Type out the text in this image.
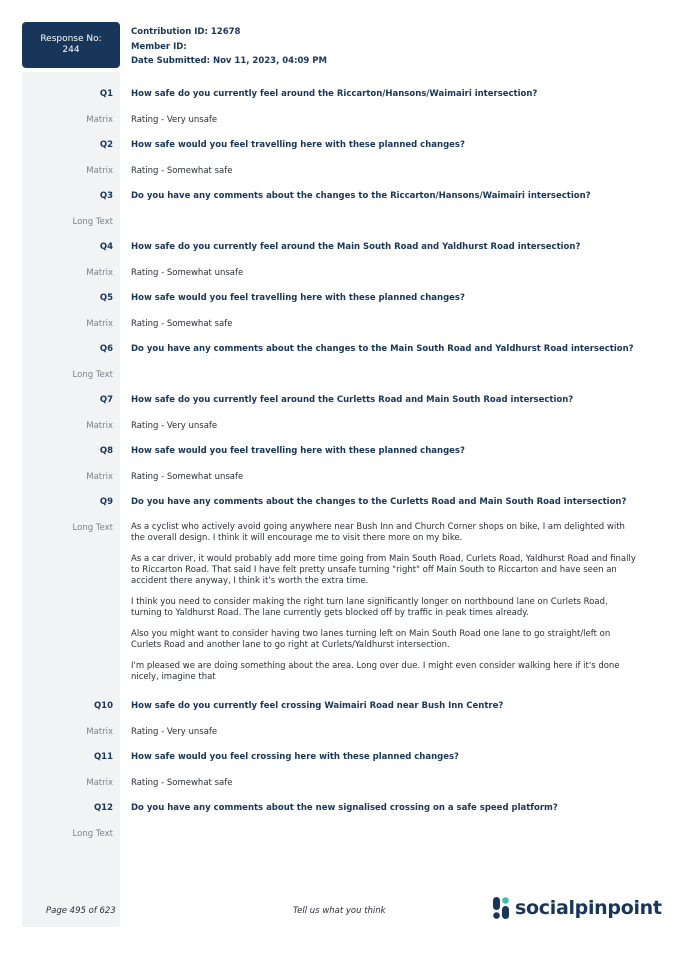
Response No:
244
Contribution ID: 12678
Member ID:
Date Submitted: Nov 11, 2023, 04:09 PM
Q1 How safe do you currently feel around the Riccarton/Hansons/Waimairi intersection?
Matrix Rating - Very unsafe
Q2 How safe would you feel travelling here with these planned changes?
Matrix Rating - Somewhat safe
Q3 Do you have any comments about the changes to the Riccarton/Hansons/Waimairi intersection?
Long Text
Q4 How safe do you currently feel around the Main South Road and Yaldhurst Road intersection?
Matrix Rating - Somewhat unsafe
Q5 How safe would you feel travelling here with these planned changes?
Matrix Rating - Somewhat safe
Q6 Do you have any comments about the changes to the Main South Road and Yaldhurst Road intersection?
Long Text
Q7 How safe do you currently feel around the Curletts Road and Main South Road intersection?
Matrix Rating - Very unsafe
Q8 How safe would you feel travelling here with these planned changes?
Matrix Rating - Somewhat unsafe
Q9 Do you have any comments about the changes to the Curletts Road and Main South Road intersection?
Long Text As a cyclist who actively avoid going anywhere near Bush Inn and Church Corner shops on bike, I am delighted with the overall design. I think it will encourage me to visit there more on my bike.

As a car driver, it would probably add more time going from Main South Road, Curlets Road, Yaldhurst Road and finally to Riccarton Road. That said I have felt pretty unsafe turning "right" off Main South to Riccarton and have seen an accident there anyway, I think it's worth the extra time.

I think you need to consider making the right turn lane significantly longer on northbound lane on Curlets Road, turning to Yaldhurst Road. The lane currently gets blocked off by traffic in peak times already.

Also you might want to consider having two lanes turning left on Main South Road one lane to go straight/left on Curlets Road and another lane to go right at Curlets/Yaldhurst intersection.

I'm pleased we are doing something about the area. Long over due. I might even consider walking here if it's done nicely, imagine that

Q10 How safe do you currently feel crossing Waimairi Road near Bush Inn Centre?
Matrix Rating - Very unsafe
Q11 How safe would you feel crossing here with these planned changes?
Matrix Rating - Somewhat safe
Q12 Do you have any comments about the new signalised crossing on a safe speed platform?
Long Text
Page 495 of 623	Tell us what you think	socialpinpoint
